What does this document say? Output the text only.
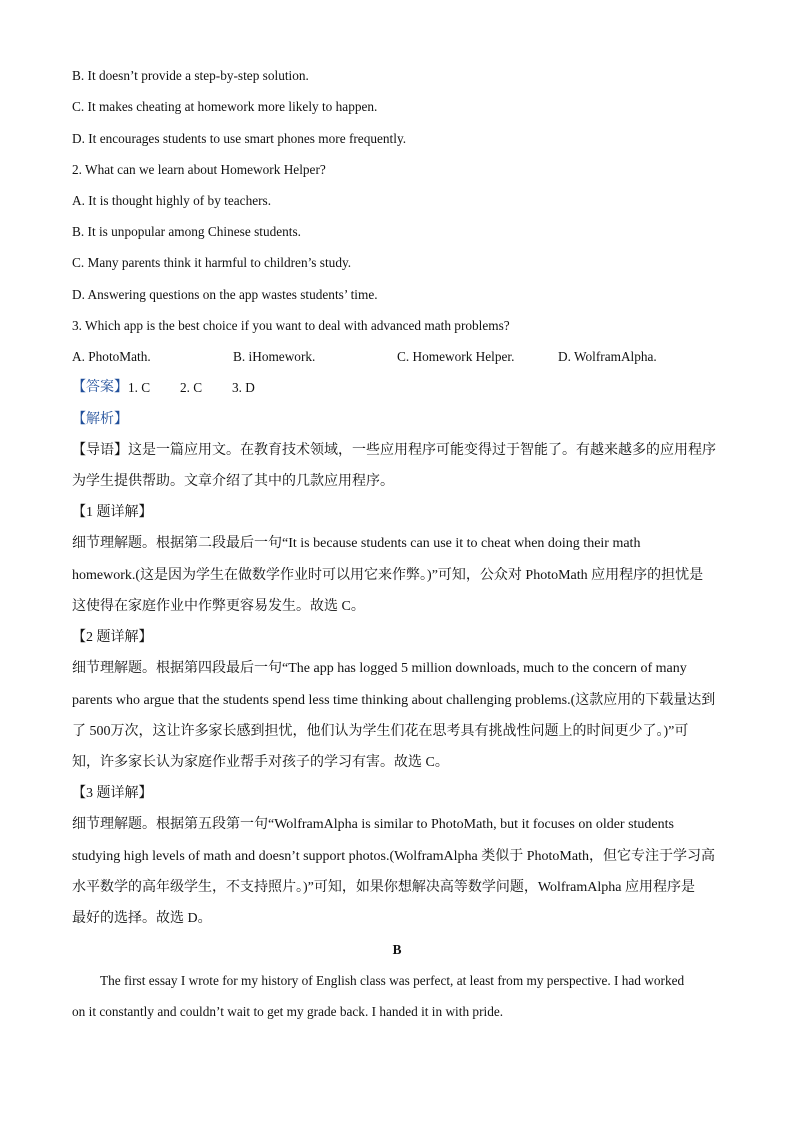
B. It doesn’t provide a step-by-step solution.
C. It makes cheating at homework more likely to happen.
D. It encourages students to use smart phones more frequently.
2. What can we learn about Homework Helper?
A. It is thought highly of by teachers.
B. It is unpopular among Chinese students.
C. Many parents think it harmful to children’s study.
D. Answering questions on the app wastes students’ time.
3. Which app is the best choice if you want to deal with advanced math problems?
A. PhotoMath.	B. iHomework.	C. Homework Helper.	D. WolframAlpha.
【答案】 1. C	2. C	3. D
【解析】
【导语】这是一篇应用文。在教育技术领域，一些应用程序可能变得过于智能了。有越来越多的应用程序
为学生提供帮助。文章介绍了其中的几款应用程序。
【1 题详解】
细节理解题。根据第二段最后一句“It is because students can use it to cheat when doing their math
homework.(这是因为学生在做数学作业时可以用它来作弊。)”可知，公众对 PhotoMath 应用程序的担忧是
这使得在家庭作业中作弊更容易发生。故选 C。
【2 题详解】
细节理解题。根据第四段最后一句“The app has logged 5 million downloads, much to the concern of many
parents who argue that the students spend less time thinking about challenging problems.(这款应用的下载量达到
了 500万次，这让许多家长感到担忧，他们认为学生们花在思考具有挑战性问题上的时间更少了。)”可
知，许多家长认为家庭作业帮手对孩子的学习有害。故选 C。
【3 题详解】
细节理解题。根据第五段第一句“WolframAlpha is similar to PhotoMath, but it focuses on older students
studying high levels of math and doesn’t support photos.(WolframAlpha 类似于 PhotoMath，但它专注于学习高
水平数学的高年级学生，不支持照片。)”可知，如果你想解决高等数学问题，WolframAlpha 应用程序是
最好的选择。故选 D。
B
The first essay I wrote for my history of English class was perfect, at least from my perspective. I had worked
on it constantly and couldn’t wait to get my grade back. I handed it in with pride.
